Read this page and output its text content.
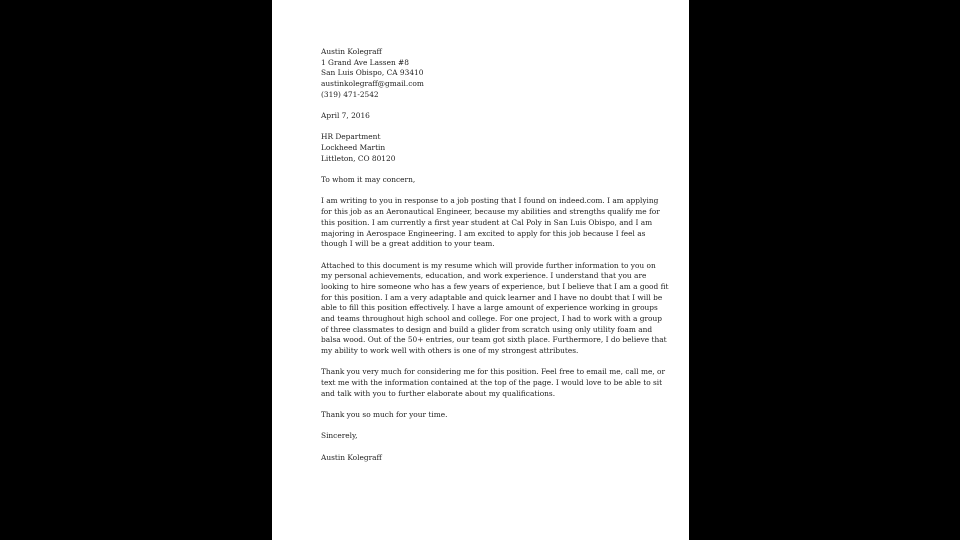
Austin Kolegraff
1 Grand Ave Lassen #8
San Luis Obispo, CA 93410
austinkolegraff@gmail.com
(319) 471-2542
April 7, 2016
HR Department
Lockheed Martin
Littleton, CO 80120
To whom it may concern,
I am writing to you in response to a job posting that I found on indeed.com. I am applying
for this job as an Aeronautical Engineer, because my abilities and strengths qualify me for
this position. I am currently a first year student at Cal Poly in San Luis Obispo, and I am
majoring in Aerospace Engineering. I am excited to apply for this job because I feel as
though I will be a great addition to your team.
Attached to this document is my resume which will provide further information to you on
my personal achievements, education, and work experience. I understand that you are
looking to hire someone who has a few years of experience, but I believe that I am a good fit
for this position. I am a very adaptable and quick learner and I have no doubt that I will be
able to fill this position effectively. I have a large amount of experience working in groups
and teams throughout high school and college. For one project, I had to work with a group
of three classmates to design and build a glider from scratch using only utility foam and
balsa wood. Out of the 50+ entries, our team got sixth place. Furthermore, I do believe that
my ability to work well with others is one of my strongest attributes.
Thank you very much for considering me for this position. Feel free to email me, call me, or
text me with the information contained at the top of the page. I would love to be able to sit
and talk with you to further elaborate about my qualifications.
Thank you so much for your time.
Sincerely,
Austin Kolegraff
